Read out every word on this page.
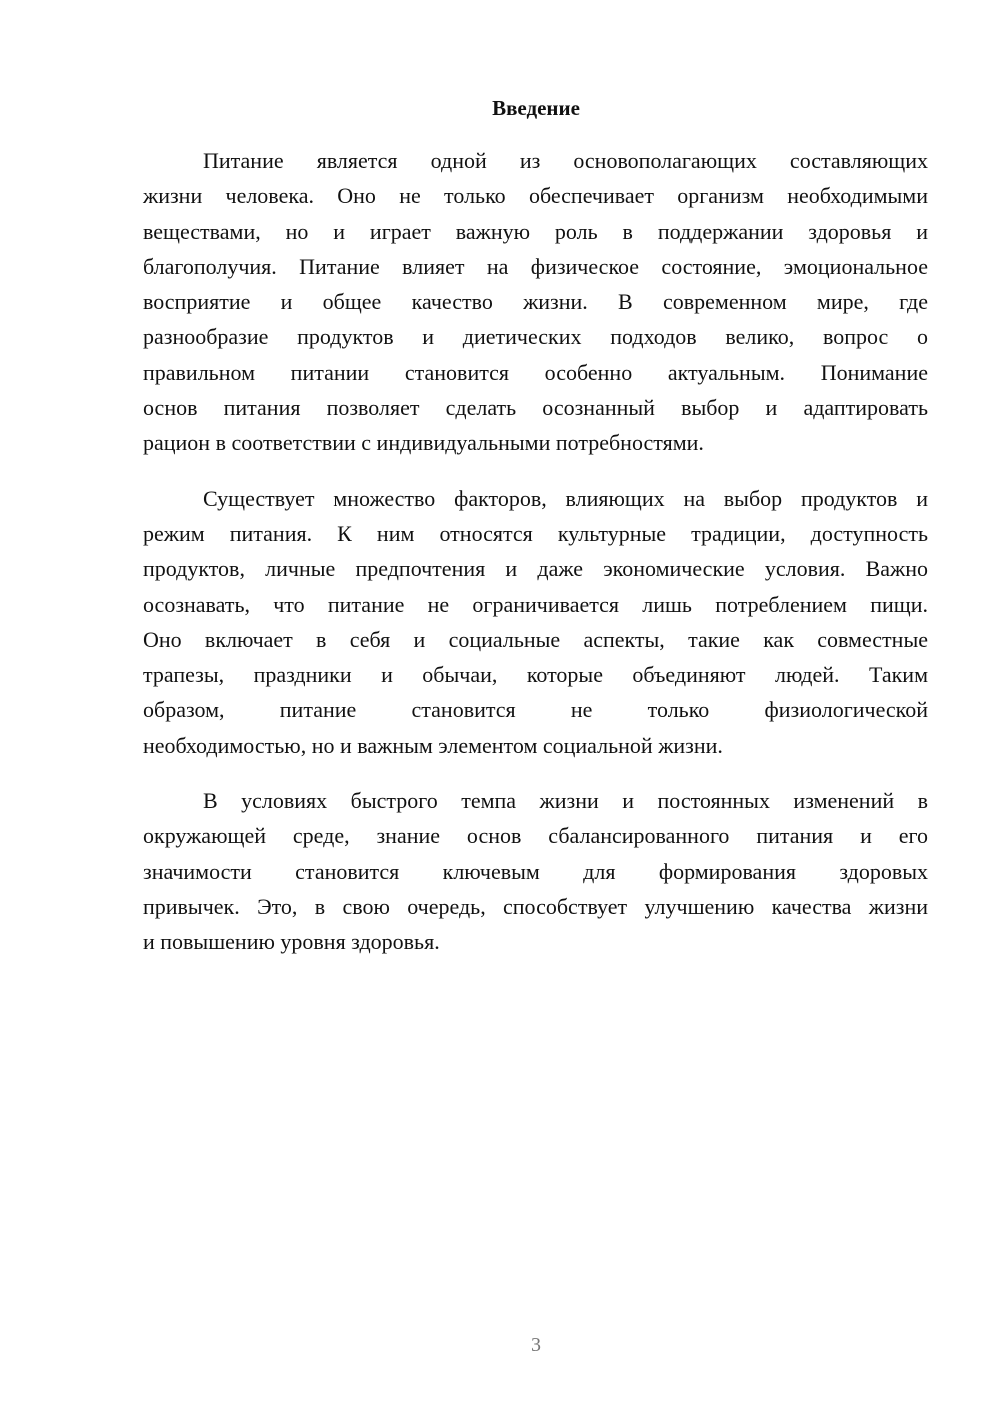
Введение
Питание является одной из основополагающих составляющих
жизни человека. Оно не только обеспечивает организм необходимыми
веществами, но и играет важную роль в поддержании здоровья и
благополучия. Питание влияет на физическое состояние, эмоциональное
восприятие и общее качество жизни. В современном мире, где
разнообразие продуктов и диетических подходов велико, вопрос о
правильном питании становится особенно актуальным. Понимание
основ питания позволяет сделать осознанный выбор и адаптировать
рацион в соответствии с индивидуальными потребностями.
Существует множество факторов, влияющих на выбор продуктов и
режим питания. К ним относятся культурные традиции, доступность
продуктов, личные предпочтения и даже экономические условия. Важно
осознавать, что питание не ограничивается лишь потреблением пищи.
Оно включает в себя и социальные аспекты, такие как совместные
трапезы, праздники и обычаи, которые объединяют людей. Таким
образом, питание становится не только физиологической
необходимостью, но и важным элементом социальной жизни.
В условиях быстрого темпа жизни и постоянных изменений в
окружающей среде, знание основ сбалансированного питания и его
значимости становится ключевым для формирования здоровых
привычек. Это, в свою очередь, способствует улучшению качества жизни
и повышению уровня здоровья.
3
